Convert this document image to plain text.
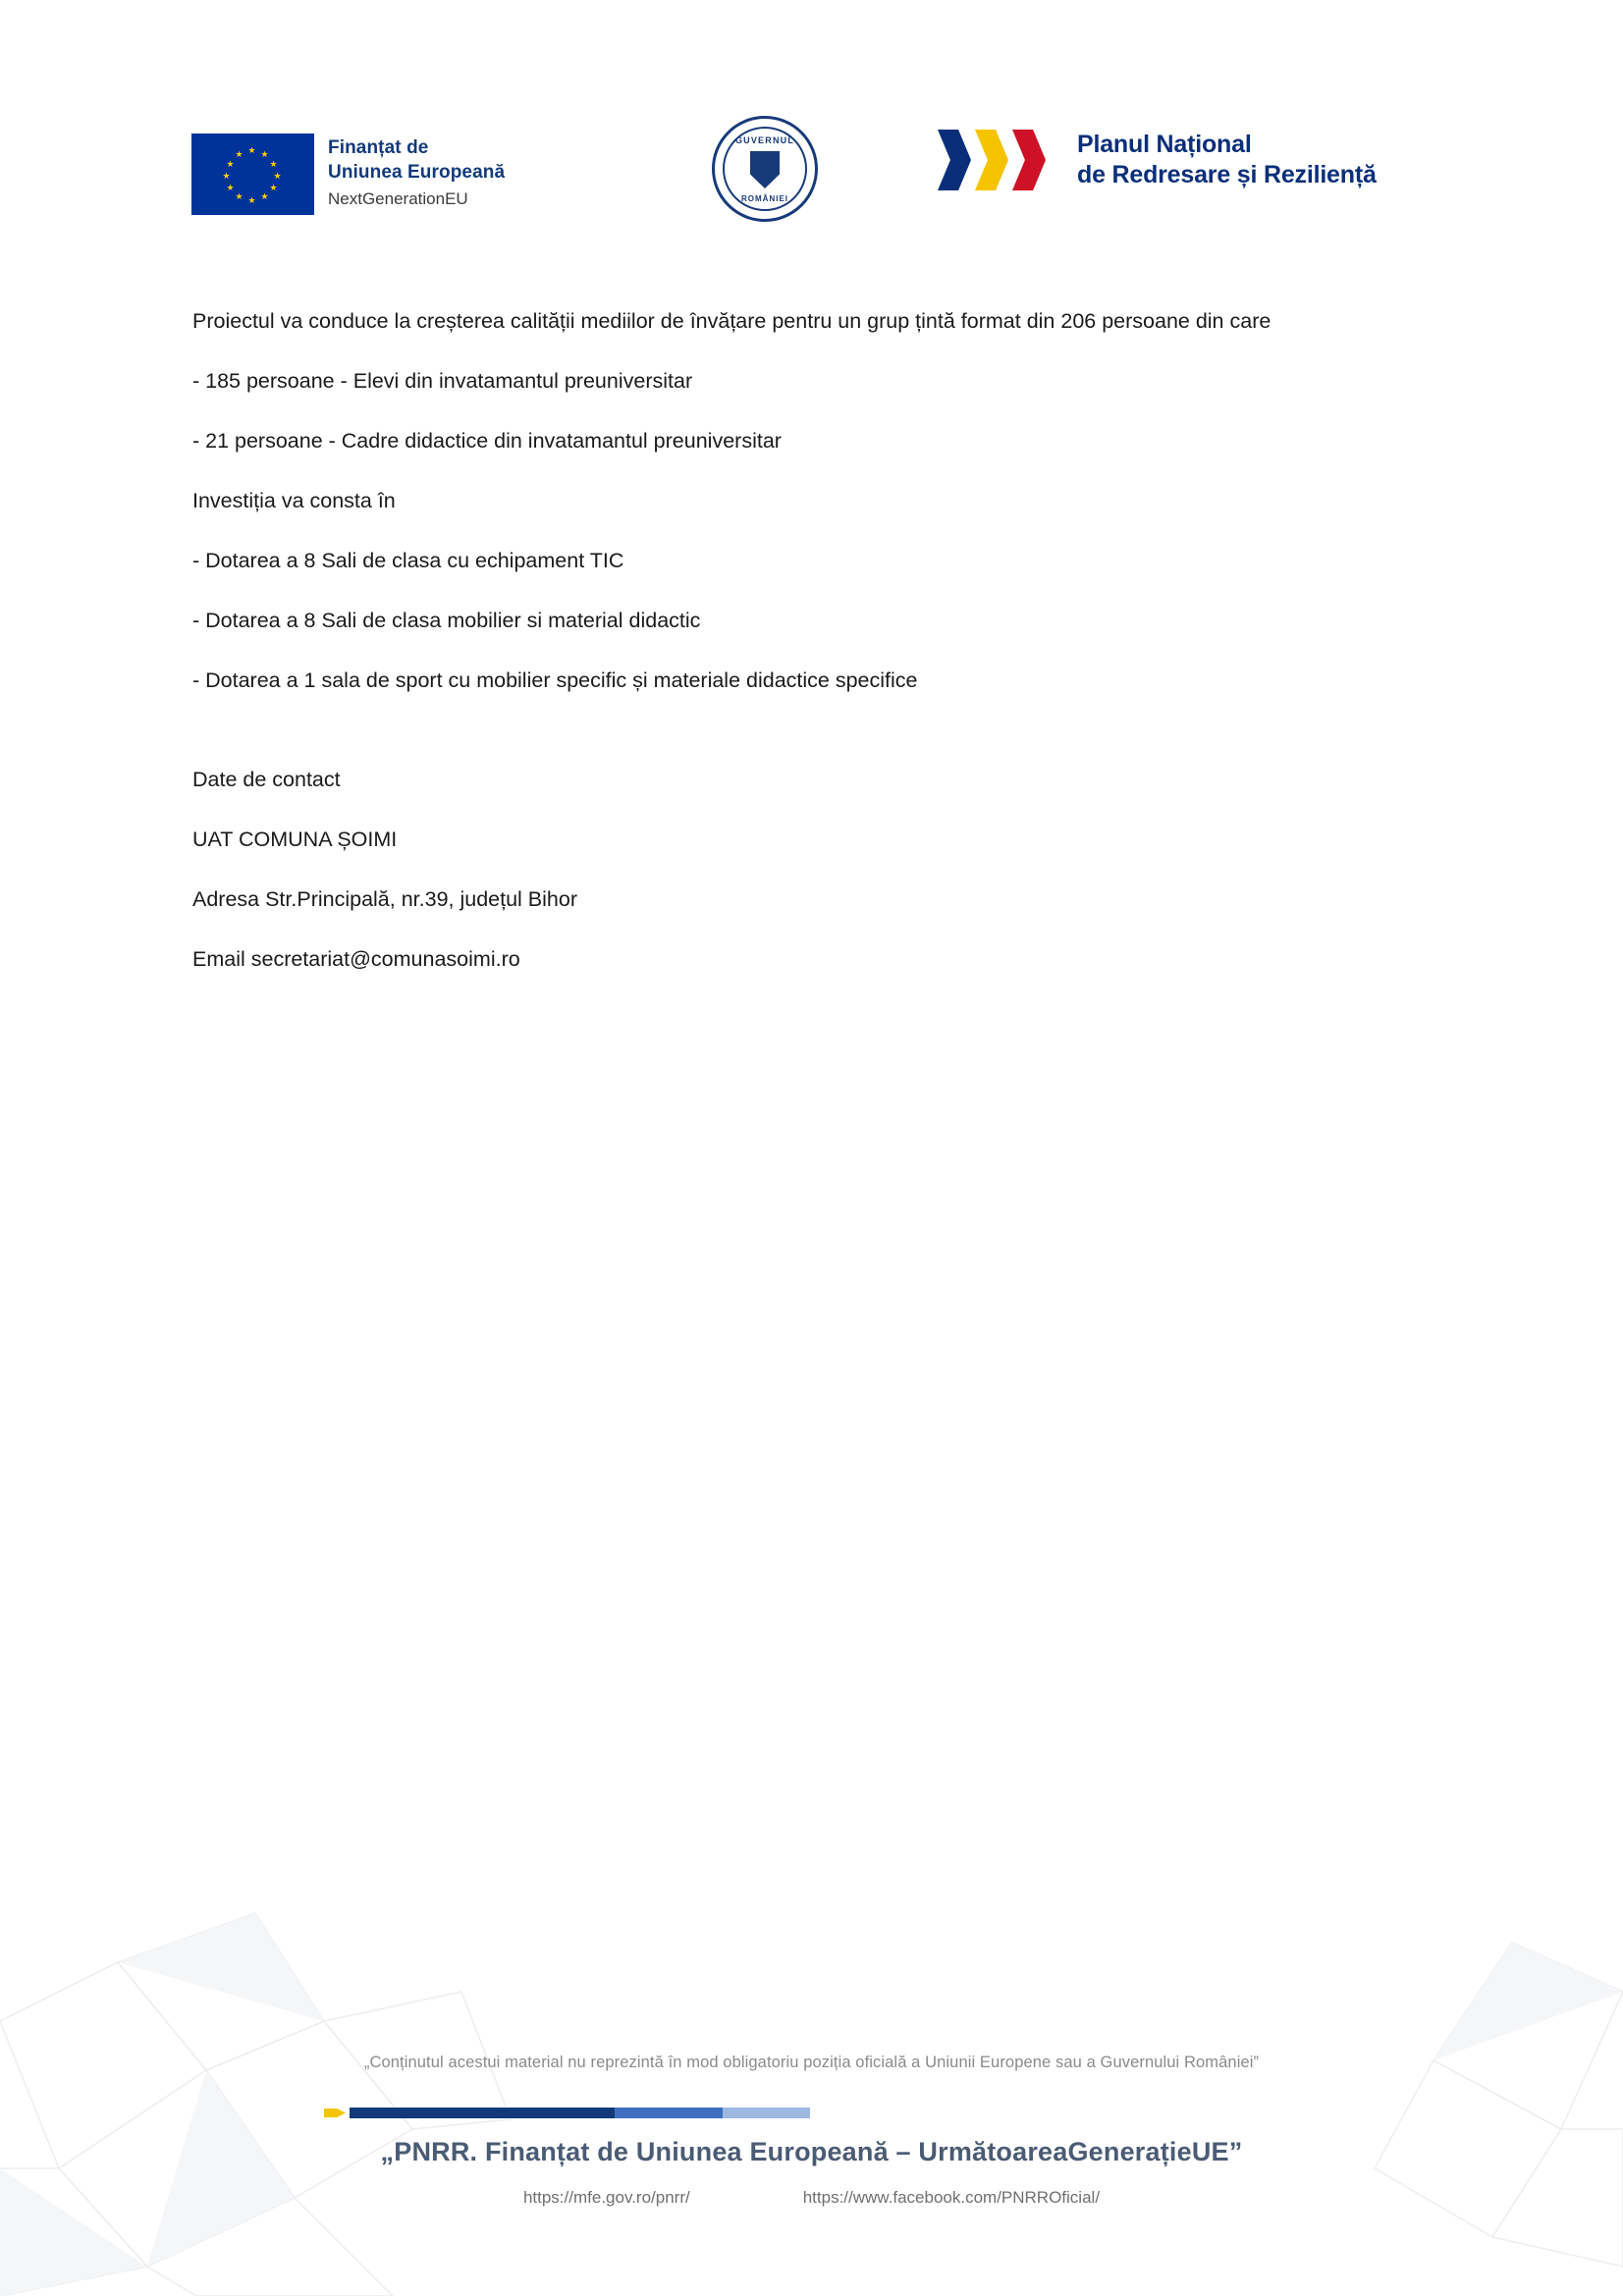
★ ★
★
★
★
★
★
★
★
★
★
★	Finanțat de
Uniunea Europeană
NextGenerationEU
GUVERNUL
ROMÂNIEI
Planul Național
de Redresare și Reziliență

Proiectul va conduce la creșterea calității mediilor de învățare pentru un grup țintă format din 206 persoane din care

- 185 persoane - Elevi din invatamantul preuniversitar

- 21 persoane - Cadre didactice din invatamantul preuniversitar

Investiția va consta în

- Dotarea a 8 Sali de clasa cu echipament TIC

- Dotarea a 8 Sali de clasa mobilier si material didactic

- Dotarea a 1 sala de sport cu mobilier specific și materiale didactice specifice

Date de contact

UAT COMUNA ȘOIMI

Adresa Str.Principală, nr.39, județul Bihor

Email secretariat@comunasoimi.ro

„Conținutul acestui material nu reprezintă în mod obligatoriu poziția oficială a Uniunii Europene sau a Guvernului României”
„PNRR. Finanțat de Uniunea Europeană – UrmătoareaGenerațieUE”
https://mfe.gov.ro/pnrr/	https://www.facebook.com/PNRROficial/
